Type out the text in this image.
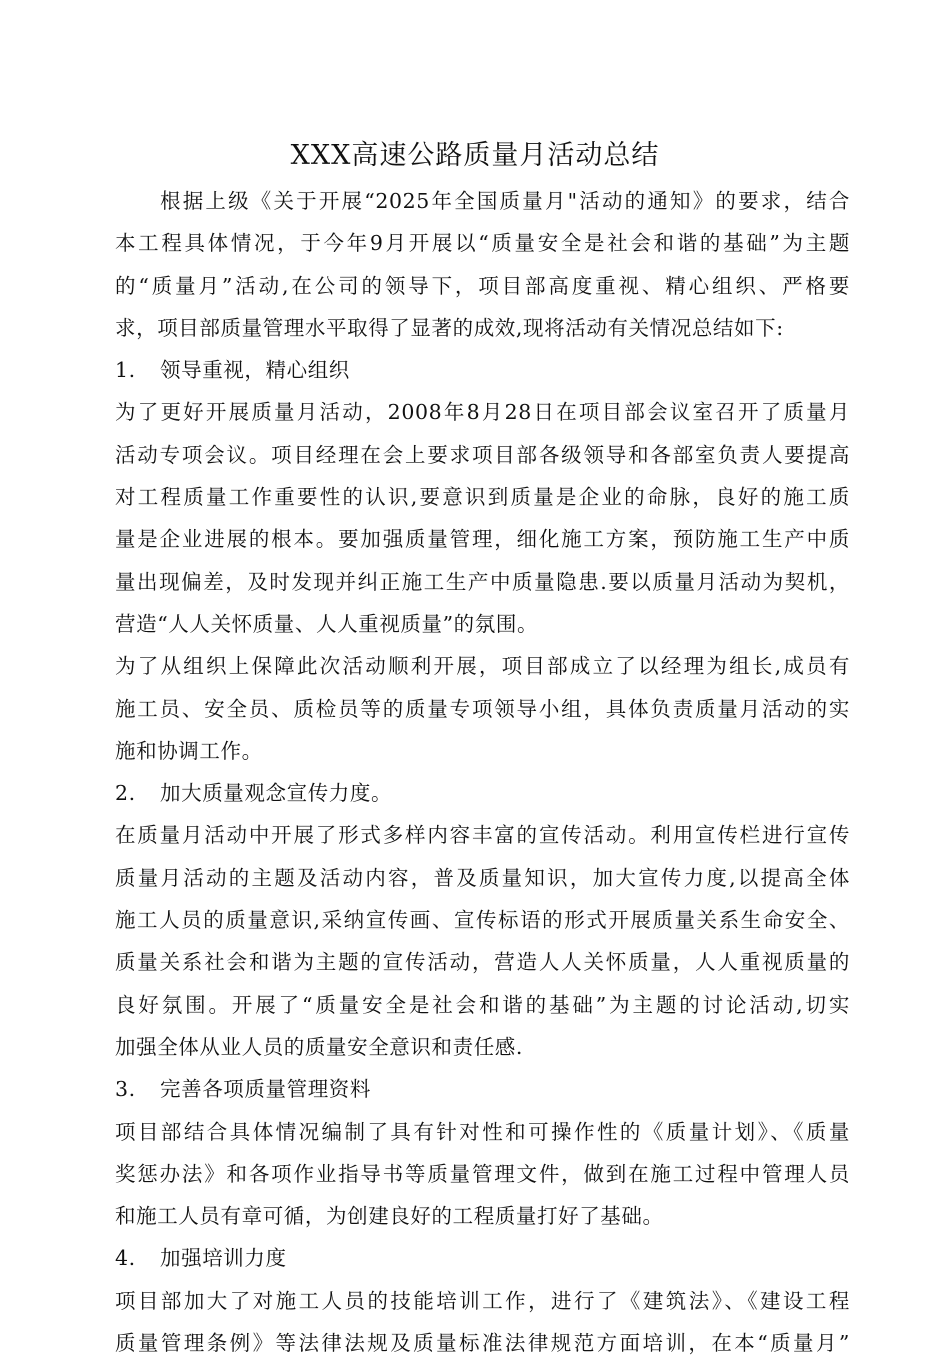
XXX高速公路质量月活动总结
根据上级《关于开展“2025年全国质量月"活动的通知》的要求，结合
本工程具体情况，于今年9月开展以“质量安全是社会和谐的基础”为主题
的“质量月”活动,在公司的领导下，项目部高度重视、精心组织、严格要
求，项目部质量管理水平取得了显著的成效,现将活动有关情况总结如下:
1. 领导重视，精心组织
为了更好开展质量月活动，2008年8月28日在项目部会议室召开了质量月
活动专项会议。项目经理在会上要求项目部各级领导和各部室负责人要提高
对工程质量工作重要性的认识,要意识到质量是企业的命脉，良好的施工质
量是企业进展的根本。要加强质量管理，细化施工方案，预防施工生产中质
量出现偏差，及时发现并纠正施工生产中质量隐患.要以质量月活动为契机，
营造“人人关怀质量、人人重视质量”的氛围。
为了从组织上保障此次活动顺利开展，项目部成立了以经理为组长,成员有
施工员、安全员、质检员等的质量专项领导小组，具体负责质量月活动的实
施和协调工作。
2. 加大质量观念宣传力度。
在质量月活动中开展了形式多样内容丰富的宣传活动。利用宣传栏进行宣传
质量月活动的主题及活动内容，普及质量知识，加大宣传力度,以提高全体
施工人员的质量意识,采纳宣传画、宣传标语的形式开展质量关系生命安全、
质量关系社会和谐为主题的宣传活动，营造人人关怀质量，人人重视质量的
良好氛围。开展了“质量安全是社会和谐的基础”为主题的讨论活动,切实
加强全体从业人员的质量安全意识和责任感.
3. 完善各项质量管理资料
项目部结合具体情况编制了具有针对性和可操作性的《质量计划》、《质量
奖惩办法》和各项作业指导书等质量管理文件，做到在施工过程中管理人员
和施工人员有章可循，为创建良好的工程质量打好了基础。
4. 加强培训力度
项目部加大了对施工人员的技能培训工作，进行了《建筑法》、《建设工程
质量管理条例》等法律法规及质量标准法律规范方面培训，在本“质量月”
